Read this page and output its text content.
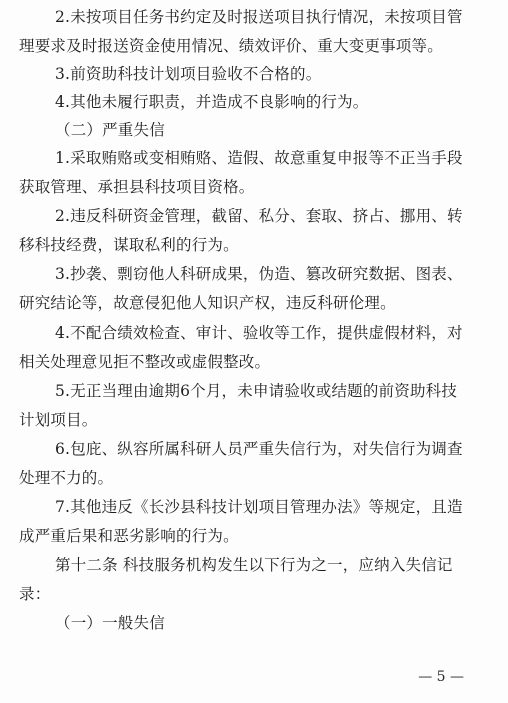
2.未按项目任务书约定及时报送项目执行情况，未按项目管
理要求及时报送资金使用情况、绩效评价、重大变更事项等。
3.前资助科技计划项目验收不合格的。
4.其他未履行职责，并造成不良影响的行为。
（二）严重失信
1.采取贿赂或变相贿赂、造假、故意重复申报等不正当手段
获取管理、承担县科技项目资格。
2.违反科研资金管理，截留、私分、套取、挤占、挪用、转
移科技经费，谋取私利的行为。
3.抄袭、剽窃他人科研成果，伪造、篡改研究数据、图表、
研究结论等，故意侵犯他人知识产权，违反科研伦理。
4.不配合绩效检查、审计、验收等工作，提供虚假材料，对
相关处理意见拒不整改或虚假整改。
5.无正当理由逾期6个月，未申请验收或结题的前资助科技
计划项目。
6.包庇、纵容所属科研人员严重失信行为，对失信行为调查
处理不力的。
7.其他违反《长沙县科技计划项目管理办法》等规定，且造
成严重后果和恶劣影响的行为。
第十二条 科技服务机构发生以下行为之一，应纳入失信记
录：
（一）一般失信
— 5 —
